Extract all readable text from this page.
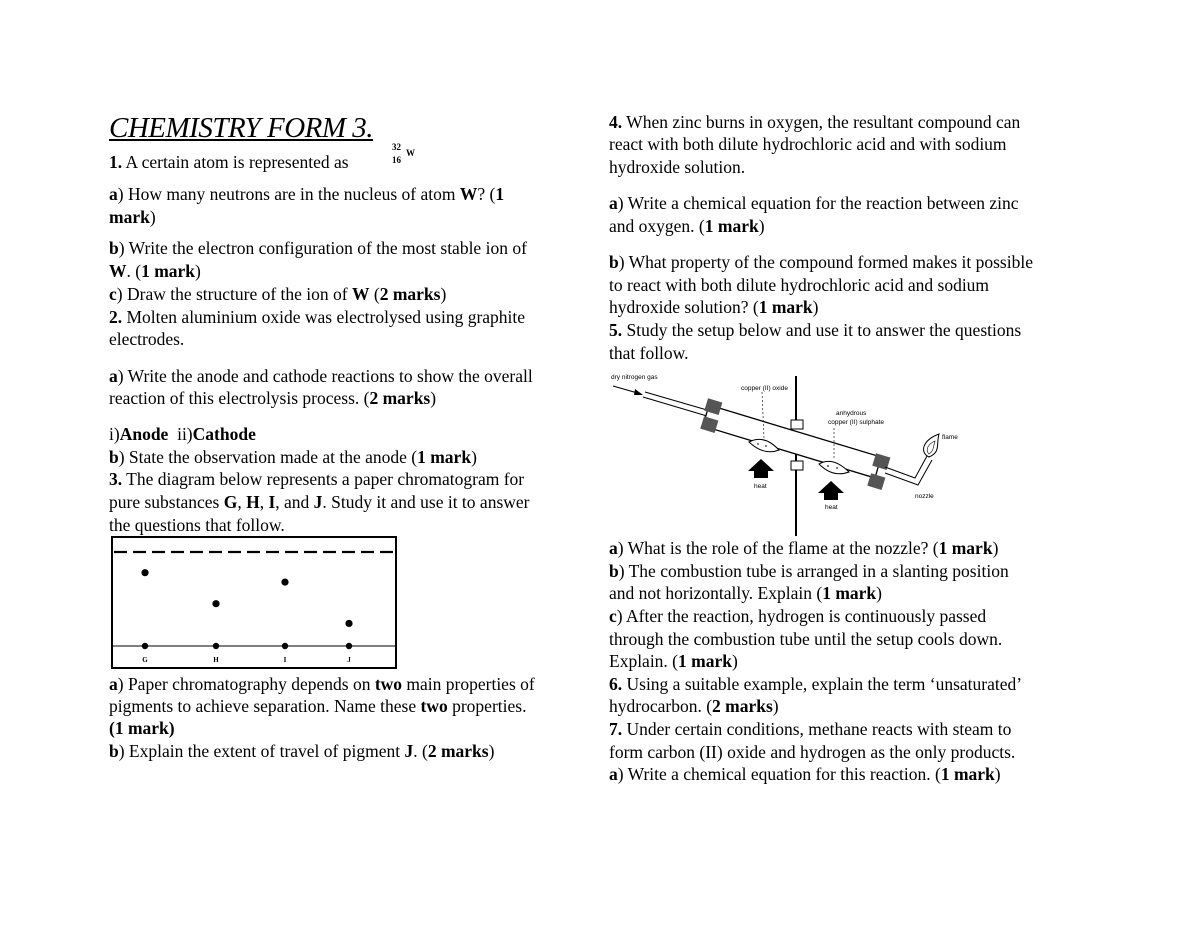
CHEMISTRY FORM 3.
1. A certain atom is represented as
32
16
W
a) How many neutrons are in the nucleus of atom W? (1
mark)
b) Write the electron configuration of the most stable ion of
W. (1 mark)
c) Draw the structure of the ion of W (2 marks)
2. Molten aluminium oxide was electrolysed using graphite
electrodes.
a) Write the anode and cathode reactions to show the overall
reaction of this electrolysis process. (2 marks)
i)Anode ii)Cathode
b) State the observation made at the anode (1 mark)
3. The diagram below represents a paper chromatogram for
pure substances G, H, I, and J. Study it and use it to answer
the questions that follow.
a) Paper chromatography depends on two main properties of
pigments to achieve separation. Name these two properties.
(1 mark)
b) Explain the extent of travel of pigment J. (2 marks)
G	H	I	J
4. When zinc burns in oxygen, the resultant compound can
react with both dilute hydrochloric acid and with sodium
hydroxide solution.
a) Write a chemical equation for the reaction between zinc
and oxygen. (1 mark)
b) What property of the compound formed makes it possible
to react with both dilute hydrochloric acid and sodium
hydroxide solution? (1 mark)
5. Study the setup below and use it to answer the questions
that follow.
a) What is the role of the flame at the nozzle? (1 mark)
b) The combustion tube is arranged in a slanting position
and not horizontally. Explain (1 mark)
c) After the reaction, hydrogen is continuously passed
through the combustion tube until the setup cools down.
Explain. (1 mark)
6. Using a suitable example, explain the term ‘unsaturated’
hydrocarbon. (2 marks)
7. Under certain conditions, methane reacts with steam to
form carbon (II) oxide and hydrogen as the only products.
a) Write a chemical equation for this reaction. (1 mark)
dry nitrogen gas
copper (II) oxide
anhydrous
copper (II) sulphate
flame
heat
heat
nozzle
